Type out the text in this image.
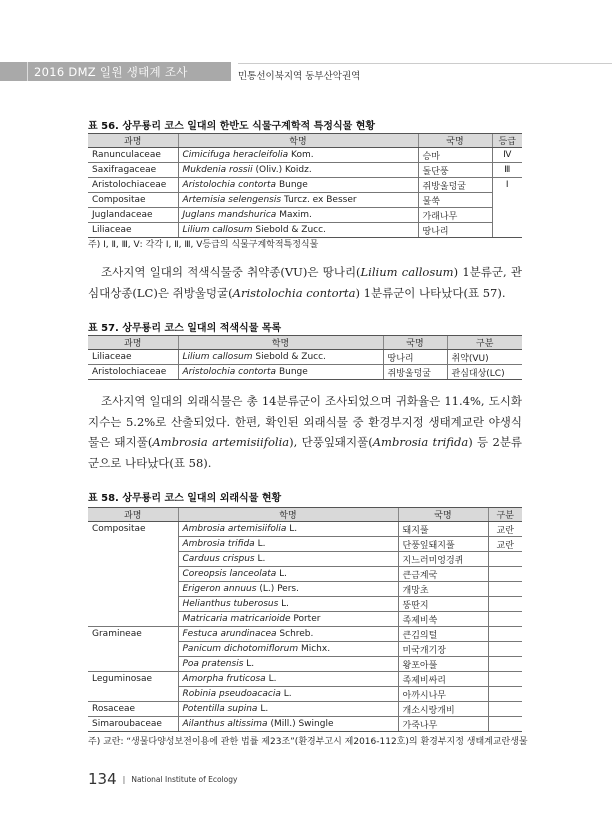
2016 DMZ 일원 생태계 조사	민통선이북지역 동부산악권역
표 56. 상무룡리 코스 일대의 한반도 식물구계학적 특정식물 현황
과명	학명	국명	등급
Ranunculaceae	Cimicifuga heracleifolia Kom.	승마	Ⅳ
Saxifragaceae	Mukdenia rossii (Oliv.) Koidz.	돌단풍	Ⅲ
Aristolochiaceae	Aristolochia contorta Bunge	쥐방울덩굴	Ⅰ
Compositae	Artemisia selengensis Turcz. ex Besser	물쑥	
Juglandaceae	Juglans mandshurica Maxim.	가래나무	
Liliaceae	Lilium callosum Siebold & Zucc.	땅나리	
주) Ⅰ, Ⅱ, Ⅲ, Ⅴ: 각각 Ⅰ, Ⅱ, Ⅲ, Ⅴ등급의 식물구계학적특정식물
조사지역 일대의 적색식물중 취약종(VU)은 땅나리(Lilium callosum) 1분류군, 관심대상종(LC)은 쥐방울덩굴(Aristolochia contorta) 1분류군이 나타났다(표 57).
표 57. 상무룡리 코스 일대의 적색식물 목록
과명	학명	국명	구분
Liliaceae	Lilium callosum Siebold & Zucc.	땅나리	취약(VU)
Aristolochiaceae	Aristolochia contorta Bunge	쥐방울덩굴	관심대상(LC)
조사지역 일대의 외래식물은 총 14분류군이 조사되었으며 귀화율은 11.4%, 도시화지수는 5.2%로 산출되었다. 한편, 확인된 외래식물 중 환경부지정 생태계교란 야생식물은 돼지풀(Ambrosia artemisiifolia), 단풍잎돼지풀(Ambrosia trifida) 등 2분류군으로 나타났다(표 58).
표 58. 상무룡리 코스 일대의 외래식물 현황
과명	학명	국명	구분
Compositae	Ambrosia artemisiifolia L.	돼지풀	교란
	Ambrosia trifida L.	단풍잎돼지풀	교란
	Carduus crispus L.	지느러미엉겅퀴	
	Coreopsis lanceolata L.	큰금계국	
	Erigeron annuus (L.) Pers.	개망초	
	Helianthus tuberosus L.	뚱딴지	
	Matricaria matricarioide Porter	족제비쑥	
Gramineae	Festuca arundinacea Schreb.	큰김의털	
	Panicum dichotomiflorum Michx.	미국개기장	
	Poa pratensis L.	왕포아풀	
Leguminosae	Amorpha fruticosa L.	족제비싸리	
	Robinia pseudoacacia L.	아까시나무	
Rosaceae	Potentilla supina L.	개소시랑개비	
Simaroubaceae	Ailanthus altissima (Mill.) Swingle	가죽나무	
주) 교란: “생물다양성보전이용에 관한 법률 제23조”(환경부고시 제2016-112호)의 환경부지정 생태계교란생물
134 | National Institute of Ecology
